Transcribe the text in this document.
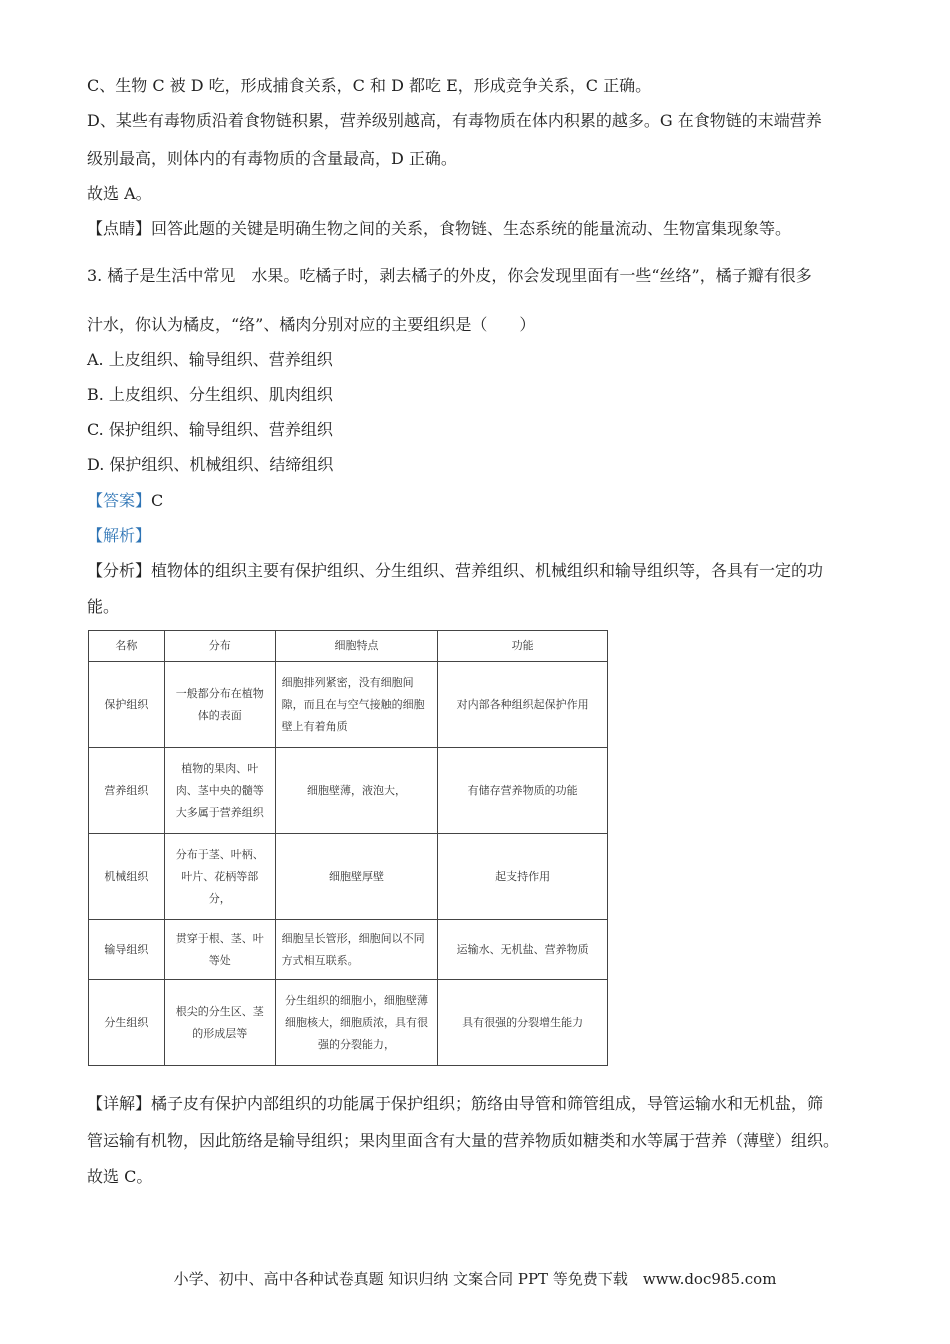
C、生物 C 被 D 吃，形成捕食关系，C 和 D 都吃 E，形成竞争关系，C 正确。
D、某些有毒物质沿着食物链积累，营养级别越高，有毒物质在体内积累的越多。G 在食物链的末端营养
级别最高，则体内的有毒物质的含量最高，D 正确。
故选 A。
【点睛】回答此题的关键是明确生物之间的关系，食物链、生态系统的能量流动、生物富集现象等。
3. 橘子是生活中常见　水果。吃橘子时，剥去橘子的外皮，你会发现里面有一些“丝络”，橘子瓣有很多
汁水，你认为橘皮，“络”、橘肉分别对应的主要组织是（　　）
A. 上皮组织、输导组织、营养组织
B. 上皮组织、分生组织、肌肉组织
C. 保护组织、输导组织、营养组织
D. 保护组织、机械组织、结缔组织
【答案】C
【解析】
【分析】植物体的组织主要有保护组织、分生组织、营养组织、机械组织和输导组织等，各具有一定的功
能。
名称	分布	细胞特点	功能
保护组织	一般都分布在植物体的表面	细胞排列紧密，没有细胞间隙，而且在与空气接触的细胞壁上有着角质	对内部各种组织起保护作用
营养组织	植物的果肉、叶肉、茎中央的髓等大多属于营养组织	细胞壁薄，液泡大，	有储存营养物质的功能
机械组织	分布于茎、叶柄、叶片、花柄等部分，	细胞壁厚壁	起支持作用
输导组织	贯穿于根、茎、叶等处	细胞呈长管形，细胞间以不同方式相互联系。	运输水、无机盐、营养物质
分生组织	根尖的分生区、茎的形成层等	分生组织的细胞小，细胞壁薄细胞核大，细胞质浓，具有很强的分裂能力，	具有很强的分裂增生能力
【详解】橘子皮有保护内部组织的功能属于保护组织；筋络由导管和筛管组成，导管运输水和无机盐，筛
管运输有机物，因此筋络是输导组织；果肉里面含有大量的营养物质如糖类和水等属于营养（薄壁）组织。
故选 C。
小学、初中、高中各种试卷真题 知识归纳 文案合同 PPT 等免费下载　www.doc985.com
